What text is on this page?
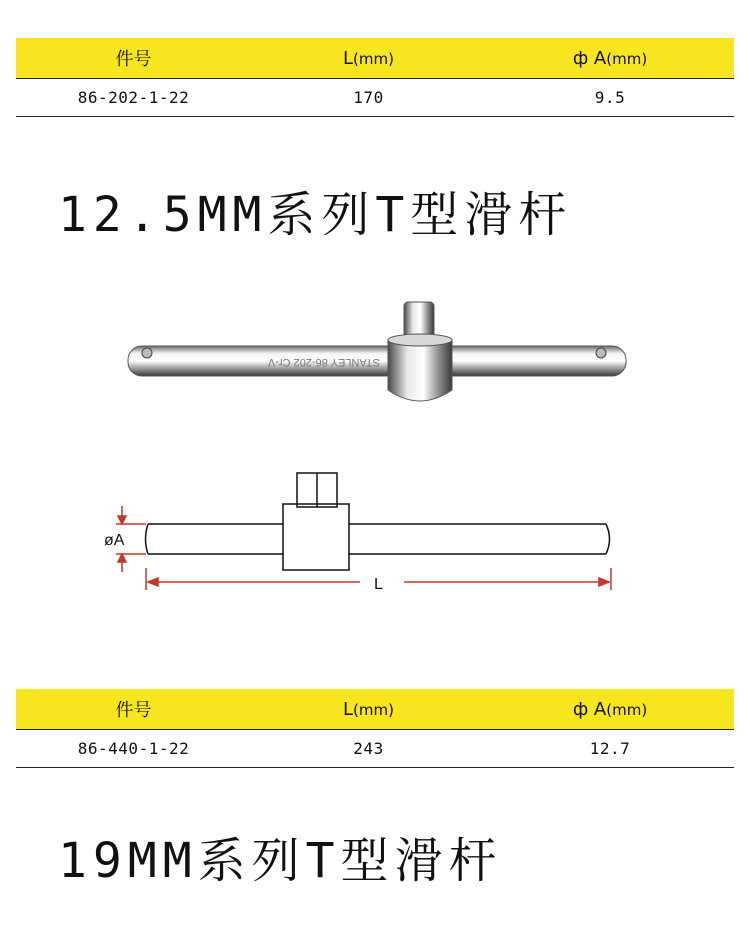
件号	L(mm)	ф A(mm)
86-202-1-22	170	9.5
12.5MM系列T型滑杆
STANLEY 86-202 Cr-V
øA
L
件号	L(mm)	ф A(mm)
86-440-1-22	243	12.7
19MM系列T型滑杆
